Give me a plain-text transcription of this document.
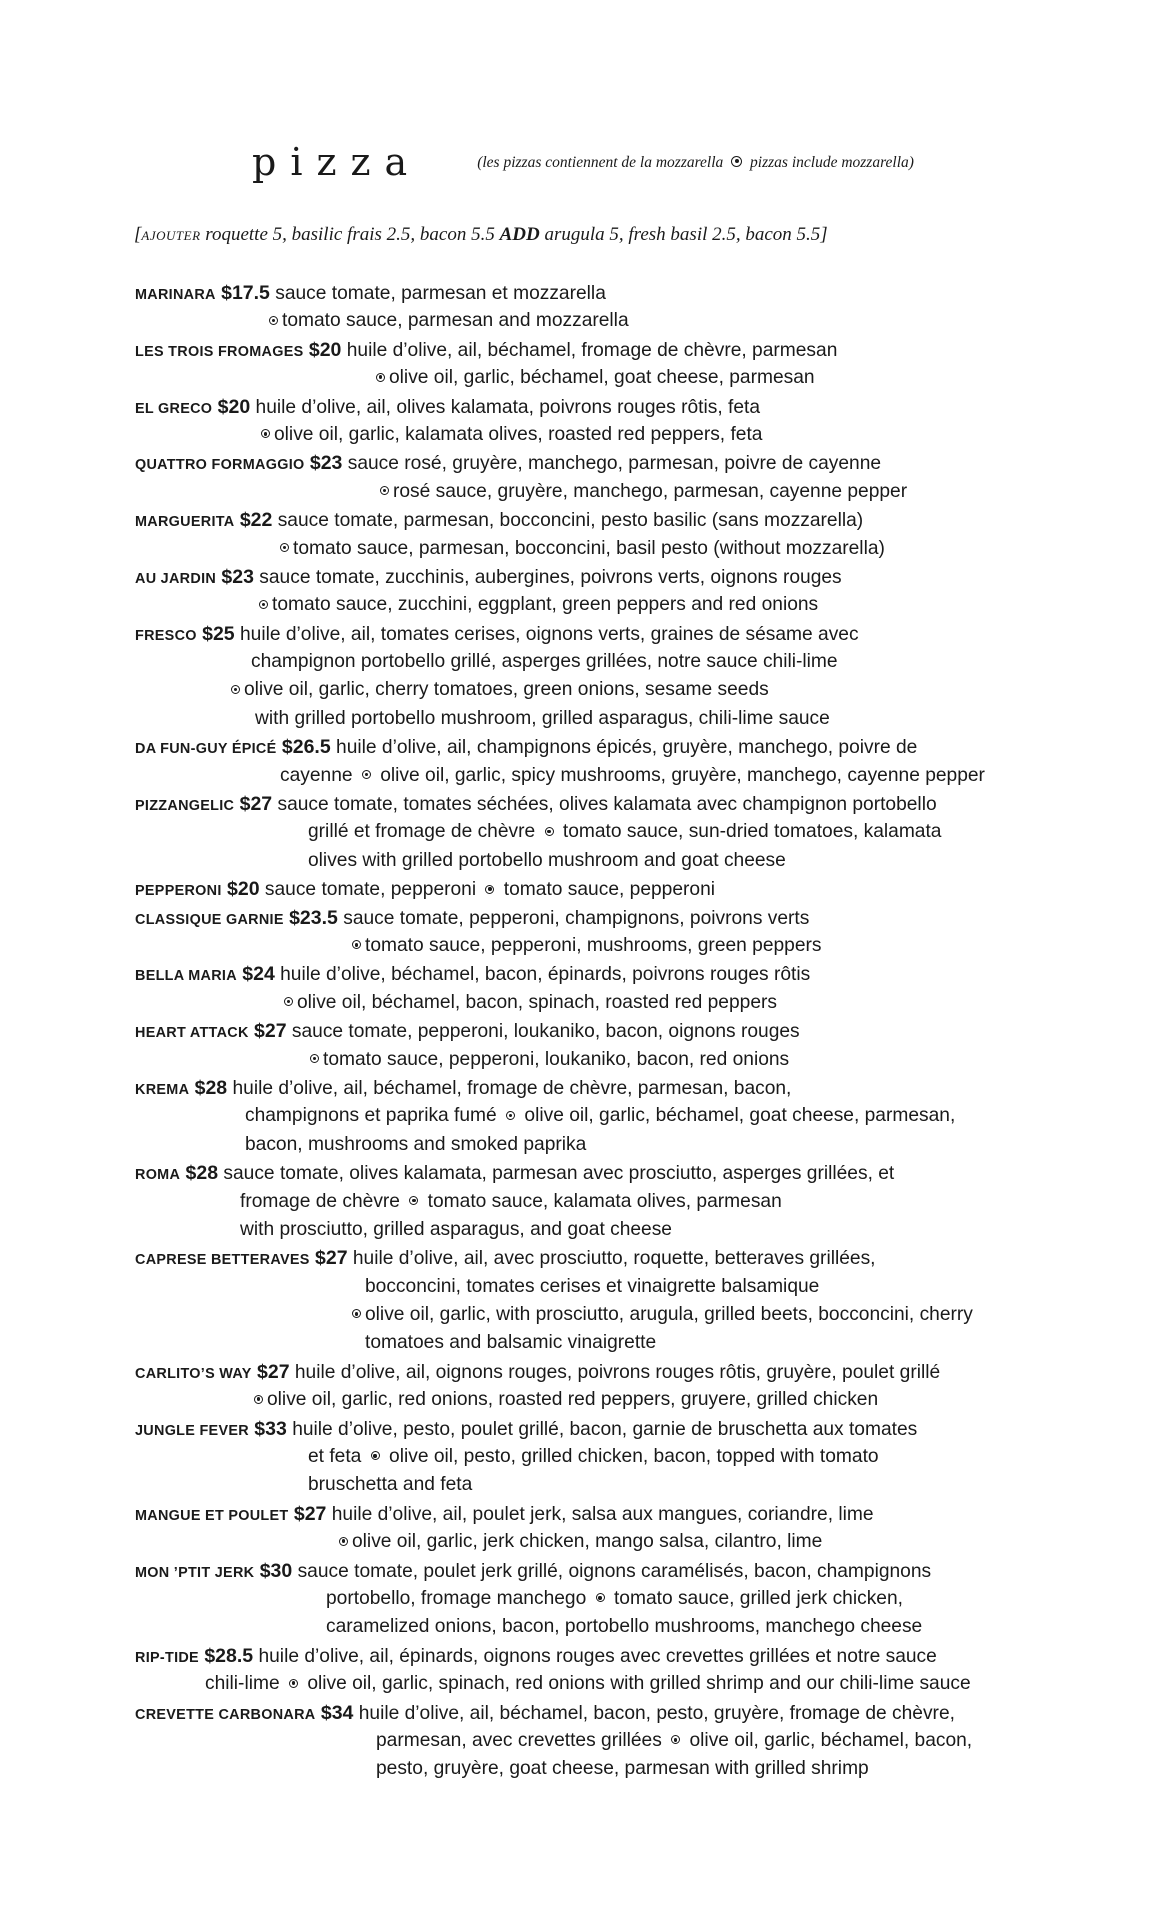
pizza	(les pizzas contiennent de la mozzarella pizzas include mozzarella)
[ajouter roquette 5, basilic frais 2.5, bacon 5.5 ADD arugula 5, fresh basil 2.5, bacon 5.5]
MARINARA $17.5 sauce tomate, parmesan et mozzarella
tomato sauce, parmesan and mozzarella
LES TROIS FROMAGES $20 huile d’olive, ail, béchamel, fromage de chèvre, parmesan
olive oil, garlic, béchamel, goat cheese, parmesan
EL GRECO $20 huile d’olive, ail, olives kalamata, poivrons rouges rôtis, feta
olive oil, garlic, kalamata olives, roasted red peppers, feta
QUATTRO FORMAGGIO $23 sauce rosé, gruyère, manchego, parmesan, poivre de cayenne
rosé sauce, gruyère, manchego, parmesan, cayenne pepper
MARGUERITA $22 sauce tomate, parmesan, bocconcini, pesto basilic (sans mozzarella)
tomato sauce, parmesan, bocconcini, basil pesto (without mozzarella)
AU JARDIN $23 sauce tomate, zucchinis, aubergines, poivrons verts, oignons rouges
tomato sauce, zucchini, eggplant, green peppers and red onions
FRESCO $25 huile d’olive, ail, tomates cerises, oignons verts, graines de sésame avec
champignon portobello grillé, asperges grillées, notre sauce chili-lime
olive oil, garlic, cherry tomatoes, green onions, sesame seeds
with grilled portobello mushroom, grilled asparagus, chili-lime sauce
DA FUN-GUY ÉPICÉ $26.5 huile d’olive, ail, champignons épicés, gruyère, manchego, poivre de
cayenne olive oil, garlic, spicy mushrooms, gruyère, manchego, cayenne pepper
PIZZANGELIC $27 sauce tomate, tomates séchées, olives kalamata avec champignon portobello
grillé et fromage de chèvre tomato sauce, sun-dried tomatoes, kalamata
olives with grilled portobello mushroom and goat cheese
PEPPERONI $20 sauce tomate, pepperoni tomato sauce, pepperoni
CLASSIQUE GARNIE $23.5 sauce tomate, pepperoni, champignons, poivrons verts
tomato sauce, pepperoni, mushrooms, green peppers
BELLA MARIA $24 huile d’olive, béchamel, bacon, épinards, poivrons rouges rôtis
olive oil, béchamel, bacon, spinach, roasted red peppers
HEART ATTACK $27 sauce tomate, pepperoni, loukaniko, bacon, oignons rouges
tomato sauce, pepperoni, loukaniko, bacon, red onions
KREMA $28 huile d’olive, ail, béchamel, fromage de chèvre, parmesan, bacon,
champignons et paprika fumé olive oil, garlic, béchamel, goat cheese, parmesan,
bacon, mushrooms and smoked paprika
ROMA $28 sauce tomate, olives kalamata, parmesan avec prosciutto, asperges grillées, et
fromage de chèvre tomato sauce, kalamata olives, parmesan
with prosciutto, grilled asparagus, and goat cheese
CAPRESE BETTERAVES $27 huile d’olive, ail, avec prosciutto, roquette, betteraves grillées,
bocconcini, tomates cerises et vinaigrette balsamique
olive oil, garlic, with prosciutto, arugula, grilled beets, bocconcini, cherry
tomatoes and balsamic vinaigrette
CARLITO’S WAY $27 huile d’olive, ail, oignons rouges, poivrons rouges rôtis, gruyère, poulet grillé
olive oil, garlic, red onions, roasted red peppers, gruyere, grilled chicken
JUNGLE FEVER $33 huile d’olive, pesto, poulet grillé, bacon, garnie de bruschetta aux tomates
et feta olive oil, pesto, grilled chicken, bacon, topped with tomato
bruschetta and feta
MANGUE ET POULET $27 huile d’olive, ail, poulet jerk, salsa aux mangues, coriandre, lime
olive oil, garlic, jerk chicken, mango salsa, cilantro, lime
MON ’PTIT JERK $30 sauce tomate, poulet jerk grillé, oignons caramélisés, bacon, champignons
portobello, fromage manchego tomato sauce, grilled jerk chicken,
caramelized onions, bacon, portobello mushrooms, manchego cheese
RIP-TIDE $28.5 huile d’olive, ail, épinards, oignons rouges avec crevettes grillées et notre sauce
chili-lime olive oil, garlic, spinach, red onions with grilled shrimp and our chili-lime sauce
CREVETTE CARBONARA $34 huile d’olive, ail, béchamel, bacon, pesto, gruyère, fromage de chèvre,
parmesan, avec crevettes grillées olive oil, garlic, béchamel, bacon,
pesto, gruyère, goat cheese, parmesan with grilled shrimp
